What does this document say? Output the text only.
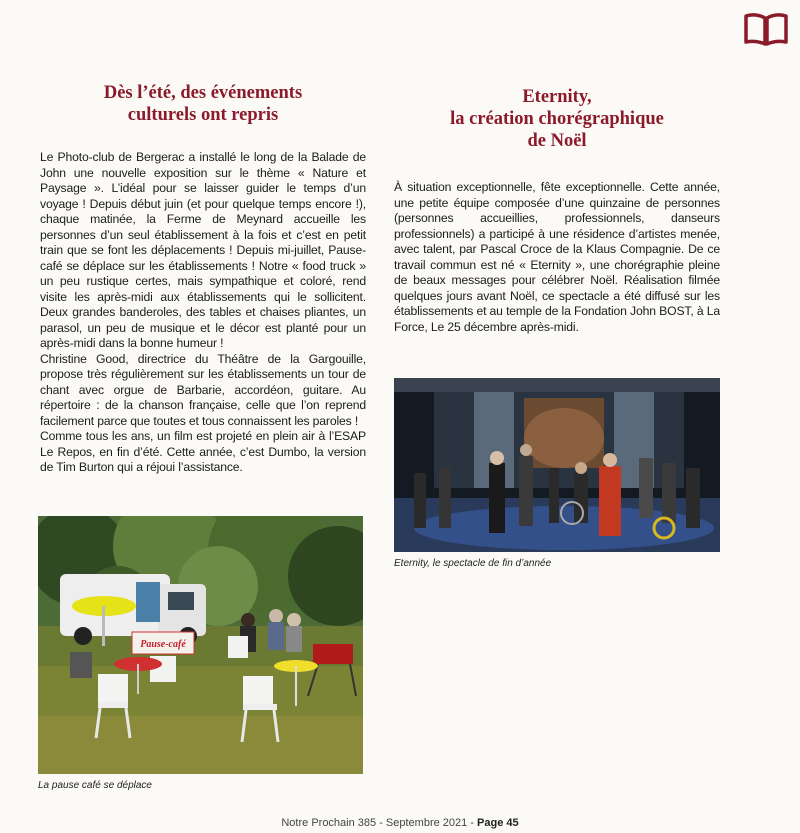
Dès l’été, des événements
culturels ont repris

Le Photo-club de Bergerac a installé le long de la Balade de John une nouvelle exposition sur le thème « Nature et Paysage ». L’idéal pour se laisser guider le temps d’un voyage ! Depuis début juin (et pour quelque temps encore !), chaque matinée, la Ferme de Meynard accueille les personnes d’un seul établissement à la fois et c’est en petit train que se font les déplacements ! Depuis mi-juillet, Pause-café se déplace sur les établissements ! Notre « food truck » un peu rustique certes, mais sympathique et coloré, rend visite les après-midi aux établissements qui le sollicitent. Deux grandes banderoles, des tables et chaises pliantes, un parasol, un peu de musique et le décor est planté pour un après-midi dans la bonne humeur !

Christine Good, directrice du Théâtre de la Gargouille, propose très régulièrement sur les établissements un tour de chant avec orgue de Barbarie, accordéon, guitare. Au répertoire : de la chanson française, celle que l’on reprend facilement parce que toutes et tous connaissent les paroles !

Comme tous les ans, un film est projeté en plein air à l’ESAP Le Repos, en fin d’été. Cette année, c’est Dumbo, la version de Tim Burton qui a réjoui l’assistance.

Pause-café
La pause café se déplace
Eternity,
la création chorégraphique
de Noël

À situation exceptionnelle, fête exceptionnelle. Cette année, une petite équipe composée d’une quinzaine de personnes (personnes accueillies, professionnels, danseurs professionnels) a participé à une résidence d’artistes menée, avec talent, par Pascal Croce de la Klaus Compagnie. De ce travail commun est né « Eternity », une chorégraphie pleine de beaux messages pour célébrer Noël. Réalisation filmée quelques jours avant Noël, ce spectacle a été diffusé sur les établissements et au temple de la Fondation John BOST, à La Force, Le 25 décembre après-midi.

Eternity, le spectacle de fin d’année
Notre Prochain 385 - Septembre 2021 - Page 45
